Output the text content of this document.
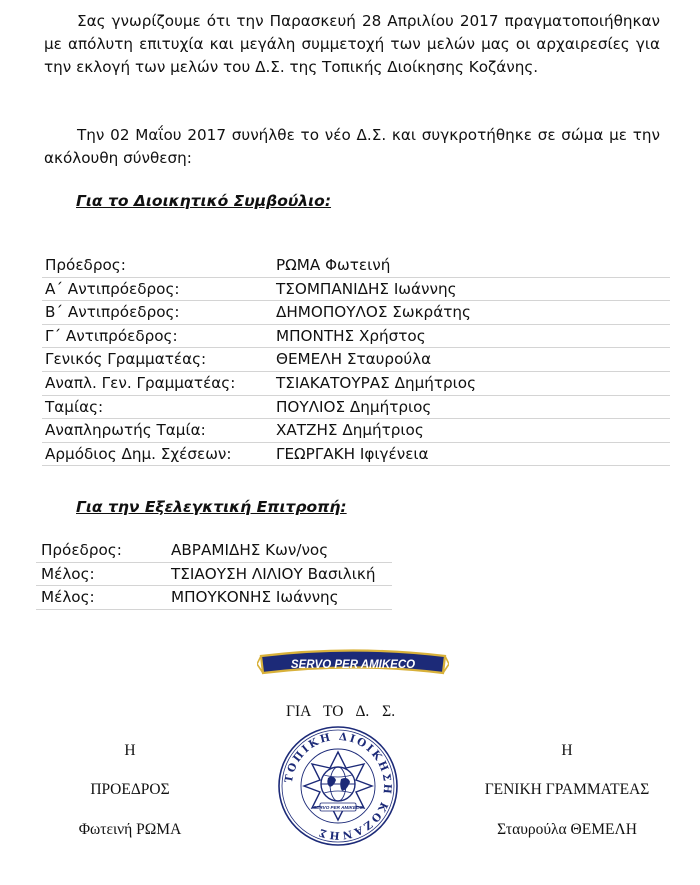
Σας γνωρίζουμε ότι την Παρασκευή 28 Απριλίου 2017 πραγματοποιήθηκαν με απόλυτη επιτυχία και μεγάλη συμμετοχή των μελών μας οι αρχαιρεσίες για την εκλογή των μελών του Δ.Σ. της Τοπικής Διοίκησης Κοζάνης.
Την 02 Μαΐου 2017 συνήλθε το νέο Δ.Σ. και συγκροτήθηκε σε σώμα με την ακόλουθη σύνθεση:
Για το Διοικητικό Συμβούλιο:
Πρόεδρος:	ΡΩΜΑ Φωτεινή
Α΄ Αντιπρόεδρος:	ΤΣΟΜΠΑΝΙΔΗΣ Ιωάννης
Β΄ Αντιπρόεδρος:	ΔΗΜΟΠΟΥΛΟΣ Σωκράτης
Γ΄ Αντιπρόεδρος:	ΜΠΟΝΤΗΣ Χρήστος
Γενικός Γραμματέας:	ΘΕΜΕΛΗ Σταυρούλα
Αναπλ. Γεν. Γραμματέας:	ΤΣΙΑΚΑΤΟΥΡΑΣ Δημήτριος
Ταμίας:	ΠΟΥΛΙΟΣ Δημήτριος
Αναπληρωτής Ταμία:	ΧΑΤΖΗΣ Δημήτριος
Αρμόδιος Δημ. Σχέσεων:	ΓΕΩΡΓΑΚΗ Ιφιγένεια
Για την Εξελεγκτική Επιτροπή:
Πρόεδρος:	ΑΒΡΑΜΙΔΗΣ Κων/νος
Μέλος:	ΤΣΙΑΟΥΣΗ ΛΙΛΙΟΥ Βασιλική
Μέλος:	ΜΠΟΥΚΟΝΗΣ Ιωάννης
SERVO PER AMIKECO
ΓΙΑ ΤΟ Δ. Σ.
Η
ΠΡΟΕΔΡΟΣ
Φωτεινή ΡΩΜΑ
Η
ΓΕΝΙΚΗ ΓΡΑΜΜΑΤΕΑΣ
Σταυρούλα ΘΕΜΕΛΗ
ΤΟΠΙΚΗ ΔΙΟΙΚΗΣΗ ΚΟΖΑΝΗΣ
SERVO PER AMIKECO
